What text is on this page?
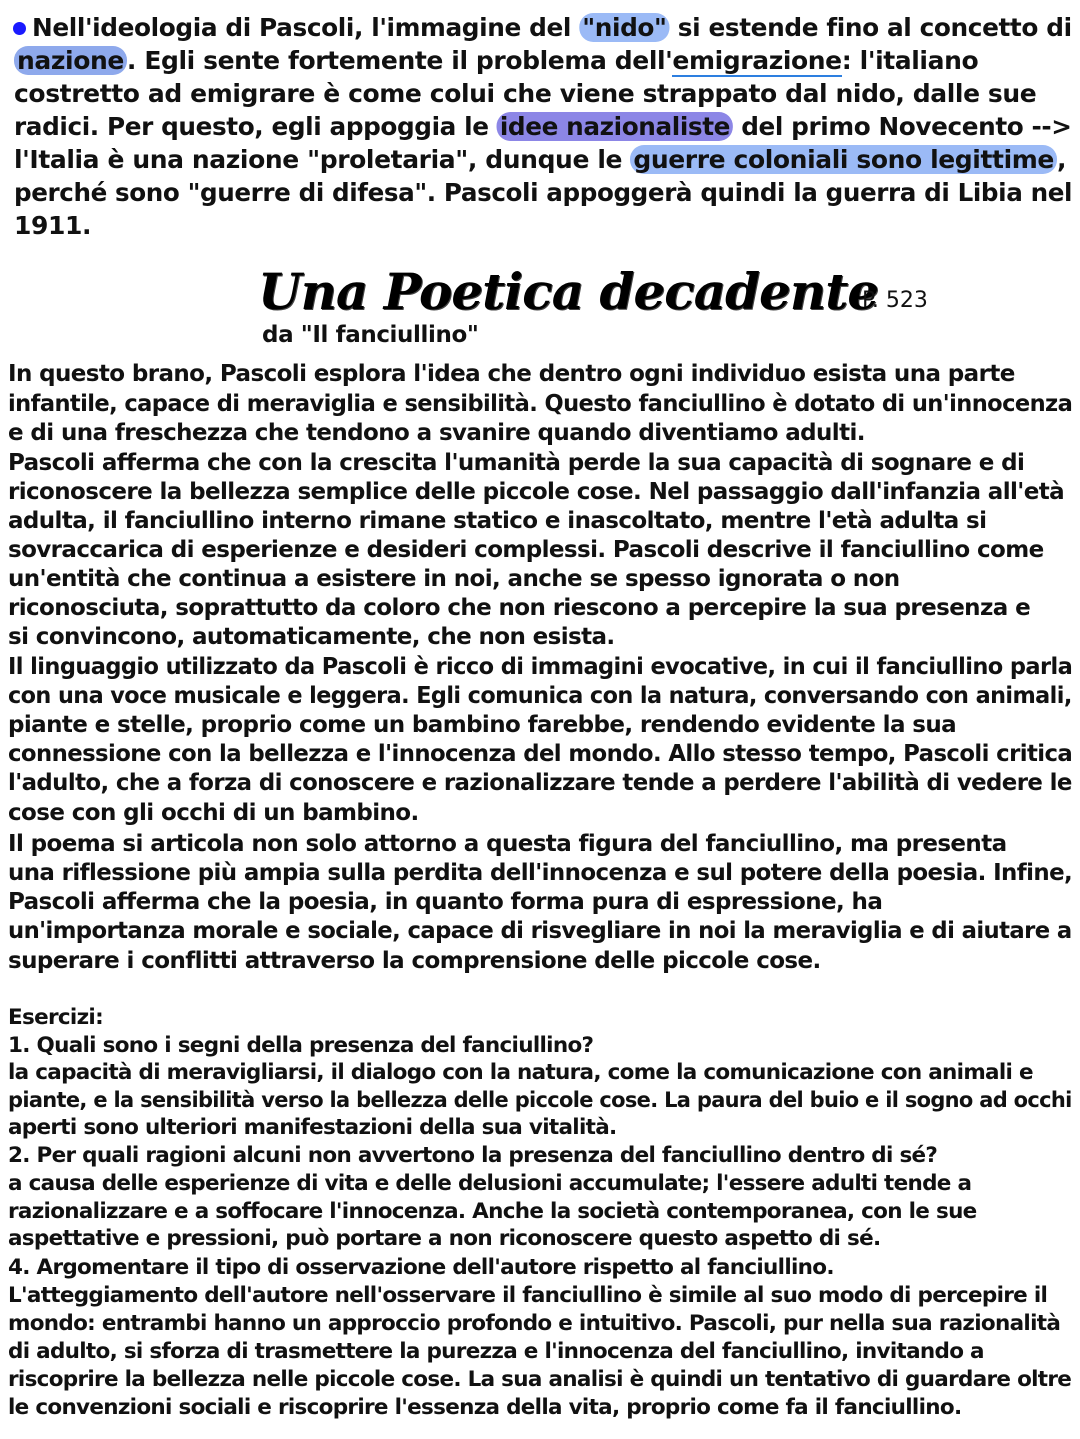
Nell'ideologia di Pascoli, l'immagine del "nido" si estende fino al concetto di
nazione . Egli sente fortemente il problema dell'emigrazione: l'italiano
costretto ad emigrare è come colui che viene strappato dal nido, dalle sue
radici. Per questo, egli appoggia le idee nazionaliste del primo Novecento -->
l'Italia è una nazione "proletaria", dunque le guerre coloniali sono legittime ,
perché sono "guerre di difesa". Pascoli appoggerà quindi la guerra di Libia nel
1911.
Una Poetica decadente
P. 523
da "Il fanciullino"
In questo brano, Pascoli esplora l'idea che dentro ogni individuo esista una parte
infantile, capace di meraviglia e sensibilità. Questo fanciullino è dotato di un'innocenza
e di una freschezza che tendono a svanire quando diventiamo adulti.
Pascoli afferma che con la crescita l'umanità perde la sua capacità di sognare e di
riconoscere la bellezza semplice delle piccole cose. Nel passaggio dall'infanzia all'età
adulta, il fanciullino interno rimane statico e inascoltato, mentre l'età adulta si
sovraccarica di esperienze e desideri complessi. Pascoli descrive il fanciullino come
un'entità che continua a esistere in noi, anche se spesso ignorata o non
riconosciuta, soprattutto da coloro che non riescono a percepire la sua presenza e
si convincono, automaticamente, che non esista.
Il linguaggio utilizzato da Pascoli è ricco di immagini evocative, in cui il fanciullino parla
con una voce musicale e leggera. Egli comunica con la natura, conversando con animali,
piante e stelle, proprio come un bambino farebbe, rendendo evidente la sua
connessione con la bellezza e l'innocenza del mondo. Allo stesso tempo, Pascoli critica
l'adulto, che a forza di conoscere e razionalizzare tende a perdere l'abilità di vedere le
cose con gli occhi di un bambino.
Il poema si articola non solo attorno a questa figura del fanciullino, ma presenta
una riflessione più ampia sulla perdita dell'innocenza e sul potere della poesia. Infine,
Pascoli afferma che la poesia, in quanto forma pura di espressione, ha
un'importanza morale e sociale, capace di risvegliare in noi la meraviglia e di aiutare a
superare i conflitti attraverso la comprensione delle piccole cose.
Esercizi:
1. Quali sono i segni della presenza del fanciullino?
la capacità di meravigliarsi, il dialogo con la natura, come la comunicazione con animali e
piante, e la sensibilità verso la bellezza delle piccole cose. La paura del buio e il sogno ad occhi
aperti sono ulteriori manifestazioni della sua vitalità.
2. Per quali ragioni alcuni non avvertono la presenza del fanciullino dentro di sé?
a causa delle esperienze di vita e delle delusioni accumulate; l'essere adulti tende a
razionalizzare e a soffocare l'innocenza. Anche la società contemporanea, con le sue
aspettative e pressioni, può portare a non riconoscere questo aspetto di sé.
4. Argomentare il tipo di osservazione dell'autore rispetto al fanciullino.
L'atteggiamento dell'autore nell'osservare il fanciullino è simile al suo modo di percepire il
mondo: entrambi hanno un approccio profondo e intuitivo. Pascoli, pur nella sua razionalità
di adulto, si sforza di trasmettere la purezza e l'innocenza del fanciullino, invitando a
riscoprire la bellezza nelle piccole cose. La sua analisi è quindi un tentativo di guardare oltre
le convenzioni sociali e riscoprire l'essenza della vita, proprio come fa il fanciullino.
